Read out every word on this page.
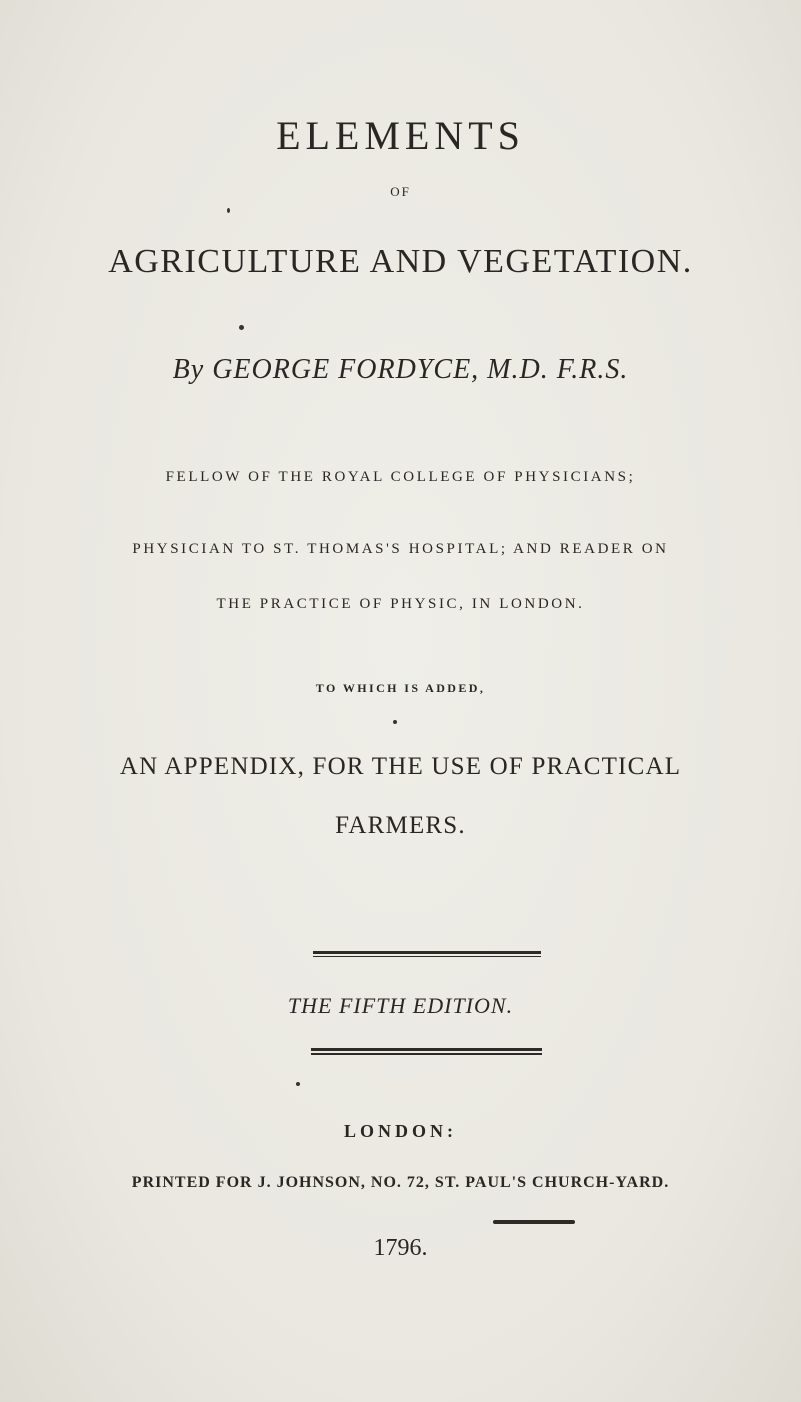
ELEMENTS
OF
AGRICULTURE AND VEGETATION.
By GEORGE FORDYCE, M.D. F.R.S.
FELLOW OF THE ROYAL COLLEGE OF PHYSICIANS;
PHYSICIAN TO ST. THOMAS'S HOSPITAL; AND READER ON
THE PRACTICE OF PHYSIC, IN LONDON.
TO WHICH IS ADDED,
AN APPENDIX, FOR THE USE OF PRACTICAL
FARMERS.
THE FIFTH EDITION.
LONDON:
PRINTED FOR J. JOHNSON, NO. 72, ST. PAUL'S CHURCH-YARD.
1796.
